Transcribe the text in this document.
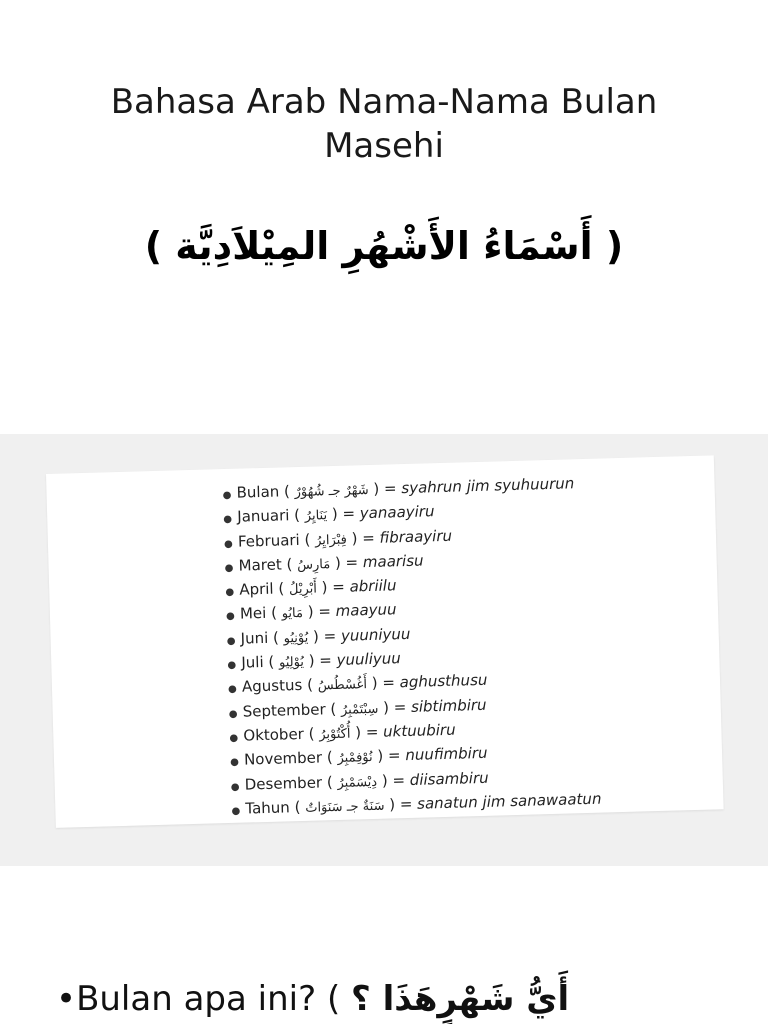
Bahasa Arab Nama-Nama Bulan Masehi
( أَسْمَاءُ الأَشْهُرِ المِيْلاَدِيَّة )
● Bulan ( شَهْرٌ جـ شُهُوْرٌ ) = syahrun jim syuhuurun
● Januari ( يَنَايِرُ ) = yanaayiru
● Februari ( فِبْرَايِرُ ) = fibraayiru
● Maret ( مَارِسُ ) = maarisu
● April ( أَبْرِيْلُ ) = abriilu
● Mei ( مَايُو ) = maayuu
● Juni ( يُوْنِيُو ) = yuuniyuu
● Juli ( يُوْلِيُو ) = yuuliyuu
● Agustus ( أَغُسْطُسُ ) = aghusthusu
● September ( سِبْتَمْبِرُ ) = sibtimbiru
● Oktober ( أُكْتُوْبِرُ ) = uktuubiru
● November ( نُوْفِمْبِرُ ) = nuufimbiru
● Desember ( دِيْسَمْبِرُ ) = diisambiru
● Tahun ( سَنَةٌ جـ سَنَوَاتٌ ) = sanatun jim sanawaatun
•Bulan apa ini? ( أَيُّ شَهْرٍهَذَا ؟
